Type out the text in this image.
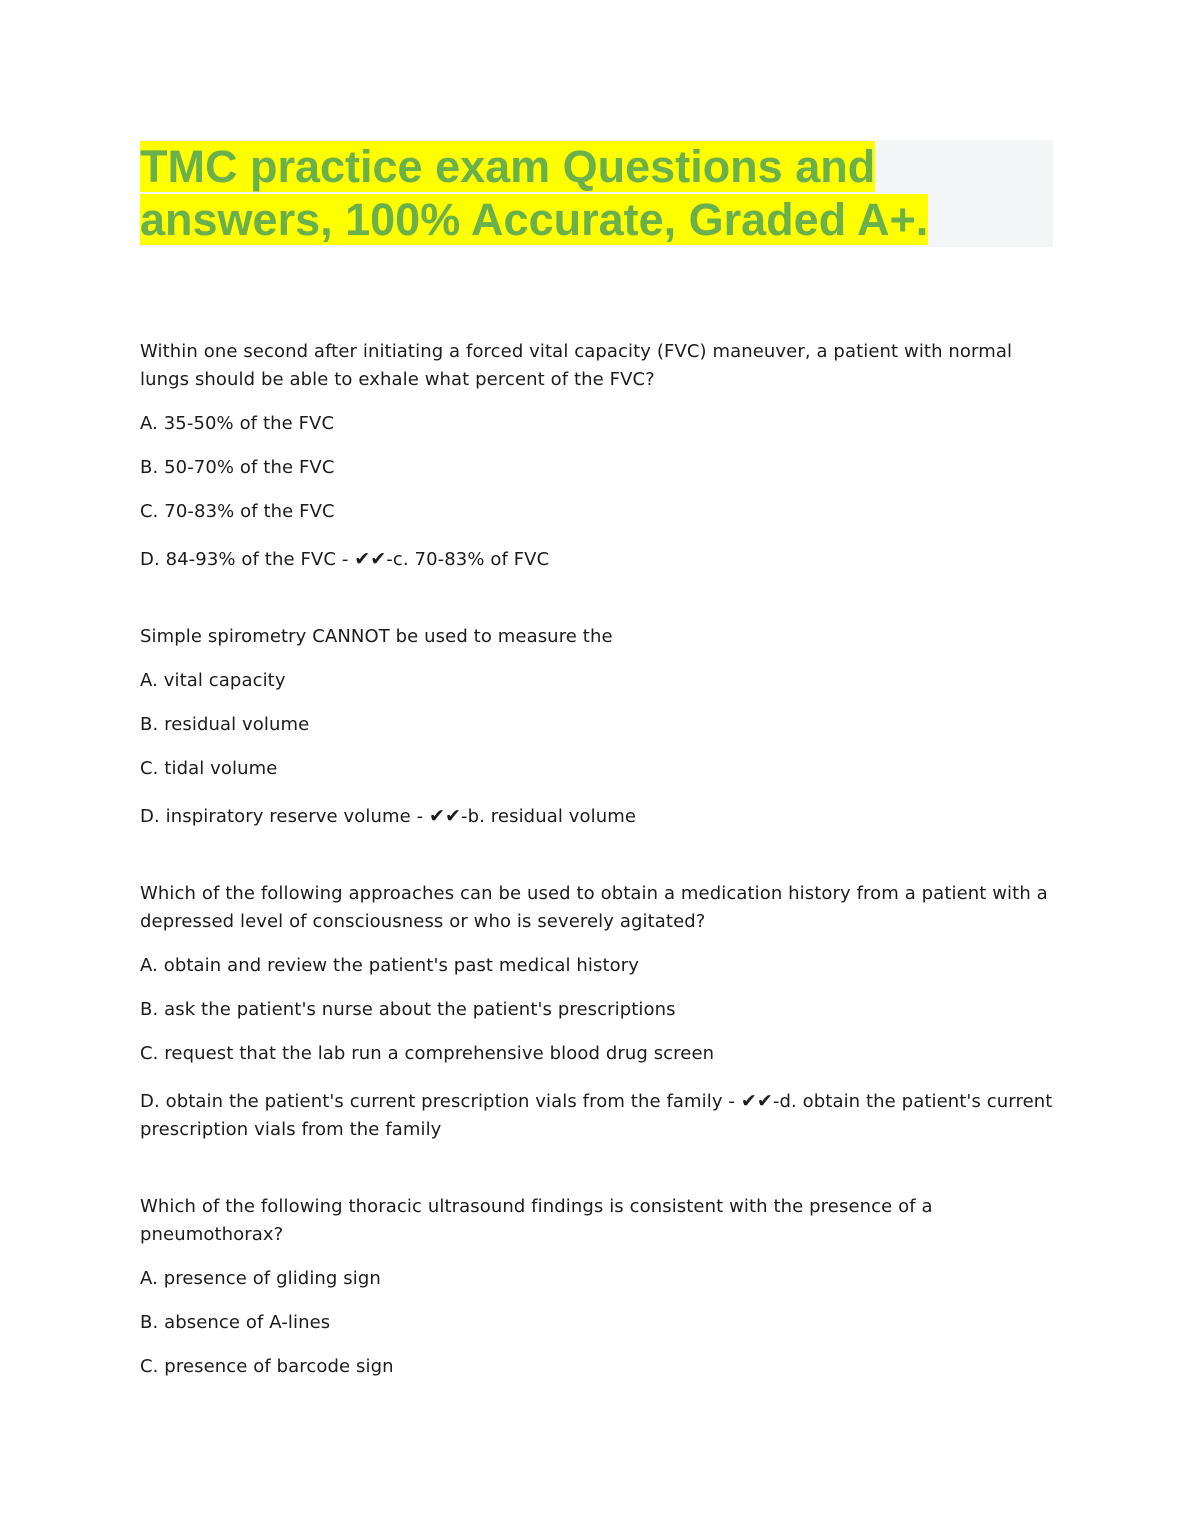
TMC practice exam Questions and
answers, 100% Accurate, Graded A+.

Within one second after initiating a forced vital capacity (FVC) maneuver, a patient with normal lungs should be able to exhale what percent of the FVC?

A. 35-50% of the FVC

B. 50-70% of the FVC

C. 70-83% of the FVC

D. 84-93% of the FVC - ✔✔-c. 70-83% of FVC

Simple spirometry CANNOT be used to measure the

A. vital capacity

B. residual volume

C. tidal volume

D. inspiratory reserve volume - ✔✔-b. residual volume

Which of the following approaches can be used to obtain a medication history from a patient with a depressed level of consciousness or who is severely agitated?

A. obtain and review the patient's past medical history

B. ask the patient's nurse about the patient's prescriptions

C. request that the lab run a comprehensive blood drug screen

D. obtain the patient's current prescription vials from the family - ✔✔-d. obtain the patient's current prescription vials from the family

Which of the following thoracic ultrasound findings is consistent with the presence of a pneumothorax?

A. presence of gliding sign

B. absence of A-lines

C. presence of barcode sign
